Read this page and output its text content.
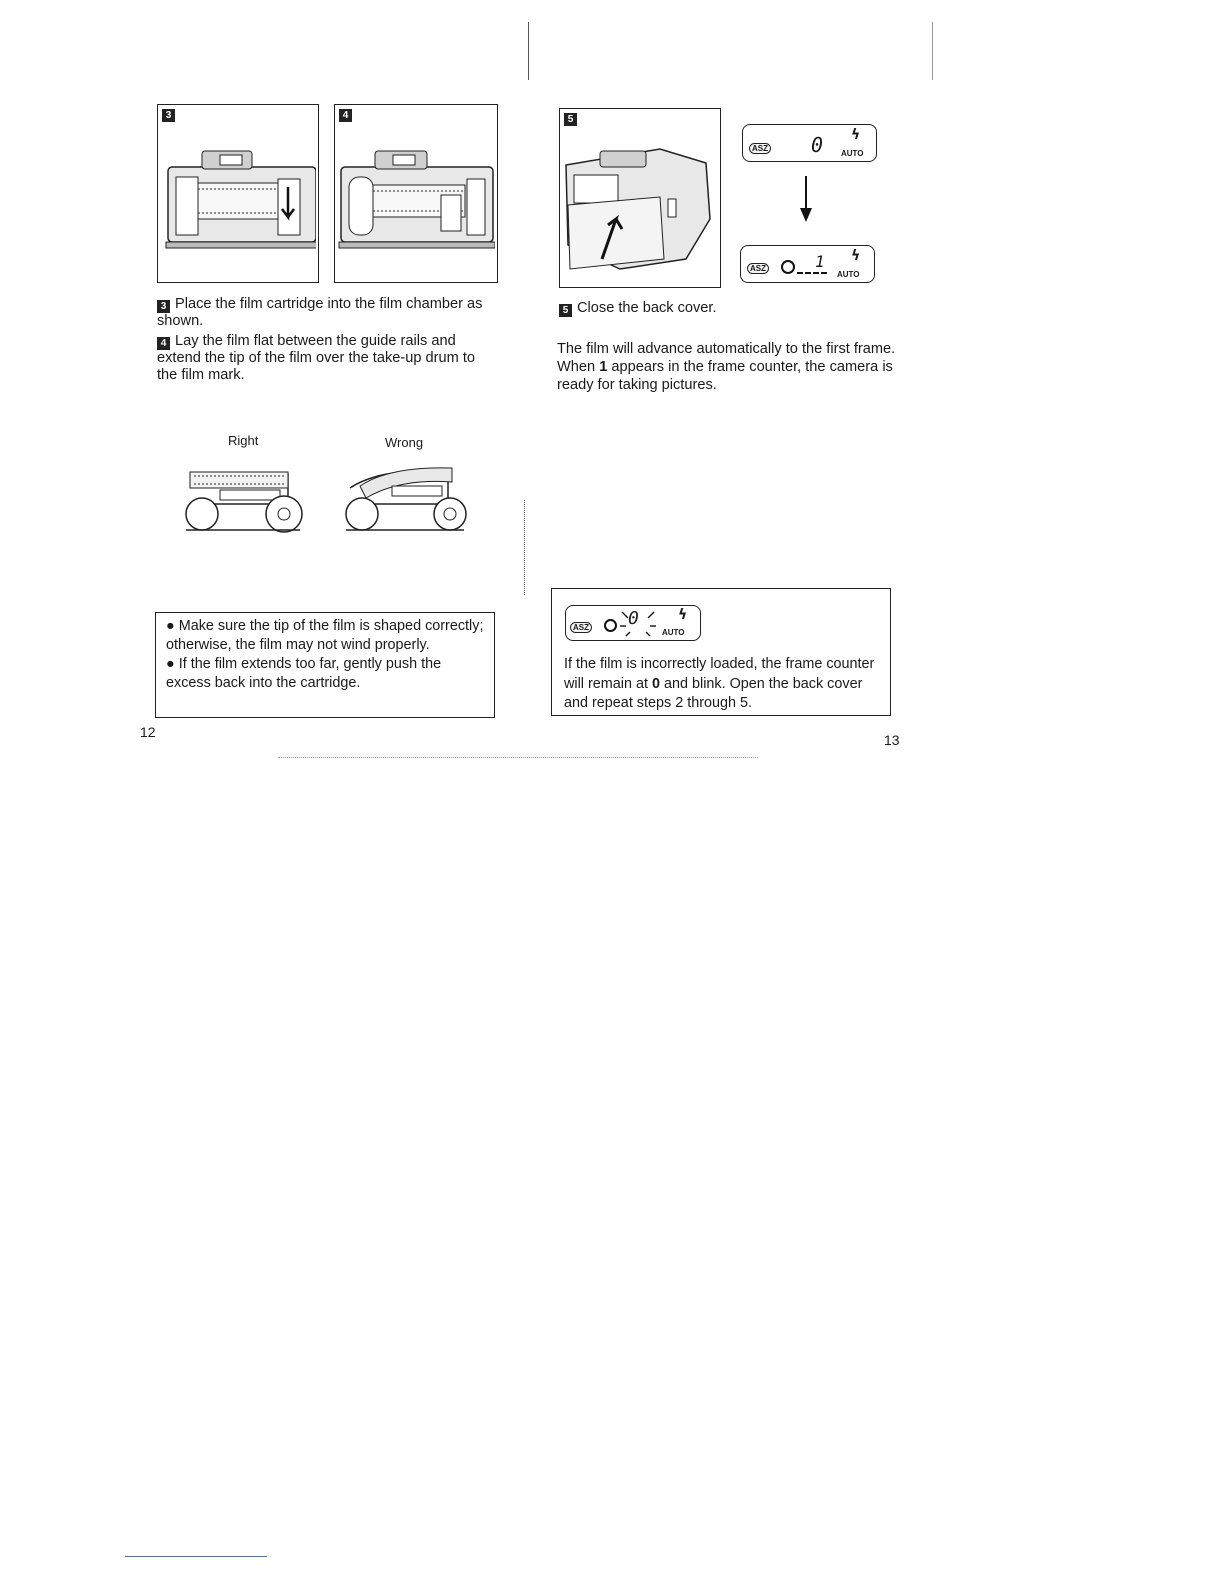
3	4
3 Place the film cartridge into the film chamber as shown.
4 Lay the film flat between the guide rails and extend the tip of the film over the take-up drum to the film mark.
Right	Wrong
● Make sure the tip of the film is shaped correctly; otherwise, the film may not wind properly.
● If the film extends too far, gently push the excess back into the cartridge.
12
5
ASZ 0 ϟ
AUTO
ASZ	1 ϟ
AUTO
5 Close the back cover.
The film will advance automatically to the first frame. When 1 appears in the frame counter, the camera is ready for taking pictures.
ASZ 0	ϟ
AUTO
If the film is incorrectly loaded, the frame counter will remain at 0 and blink. Open the back cover and repeat steps 2 through 5.
13
